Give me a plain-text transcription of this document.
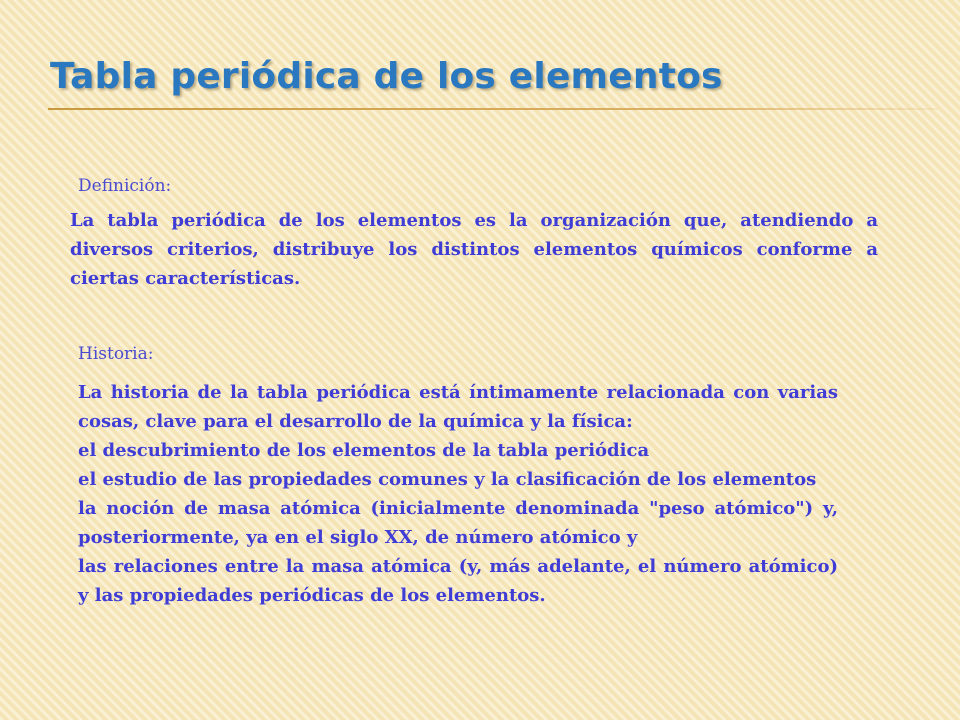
Tabla periódica de los elementos

Definición:

La tabla periódica de los elementos es la organización que, atendiendo a diversos criterios, distribuye los distintos elementos químicos conforme a ciertas características.

Historia:

La historia de la tabla periódica está íntimamente relacionada con varias cosas, clave para el desarrollo de la química y la física:
el descubrimiento de los elementos de la tabla periódica
el estudio de las propiedades comunes y la clasificación de los elementos
la noción de masa atómica (inicialmente denominada "peso atómico") y, posteriormente, ya en el siglo XX, de número atómico y
las relaciones entre la masa atómica (y, más adelante, el número atómico) y las propiedades periódicas de los elementos.
